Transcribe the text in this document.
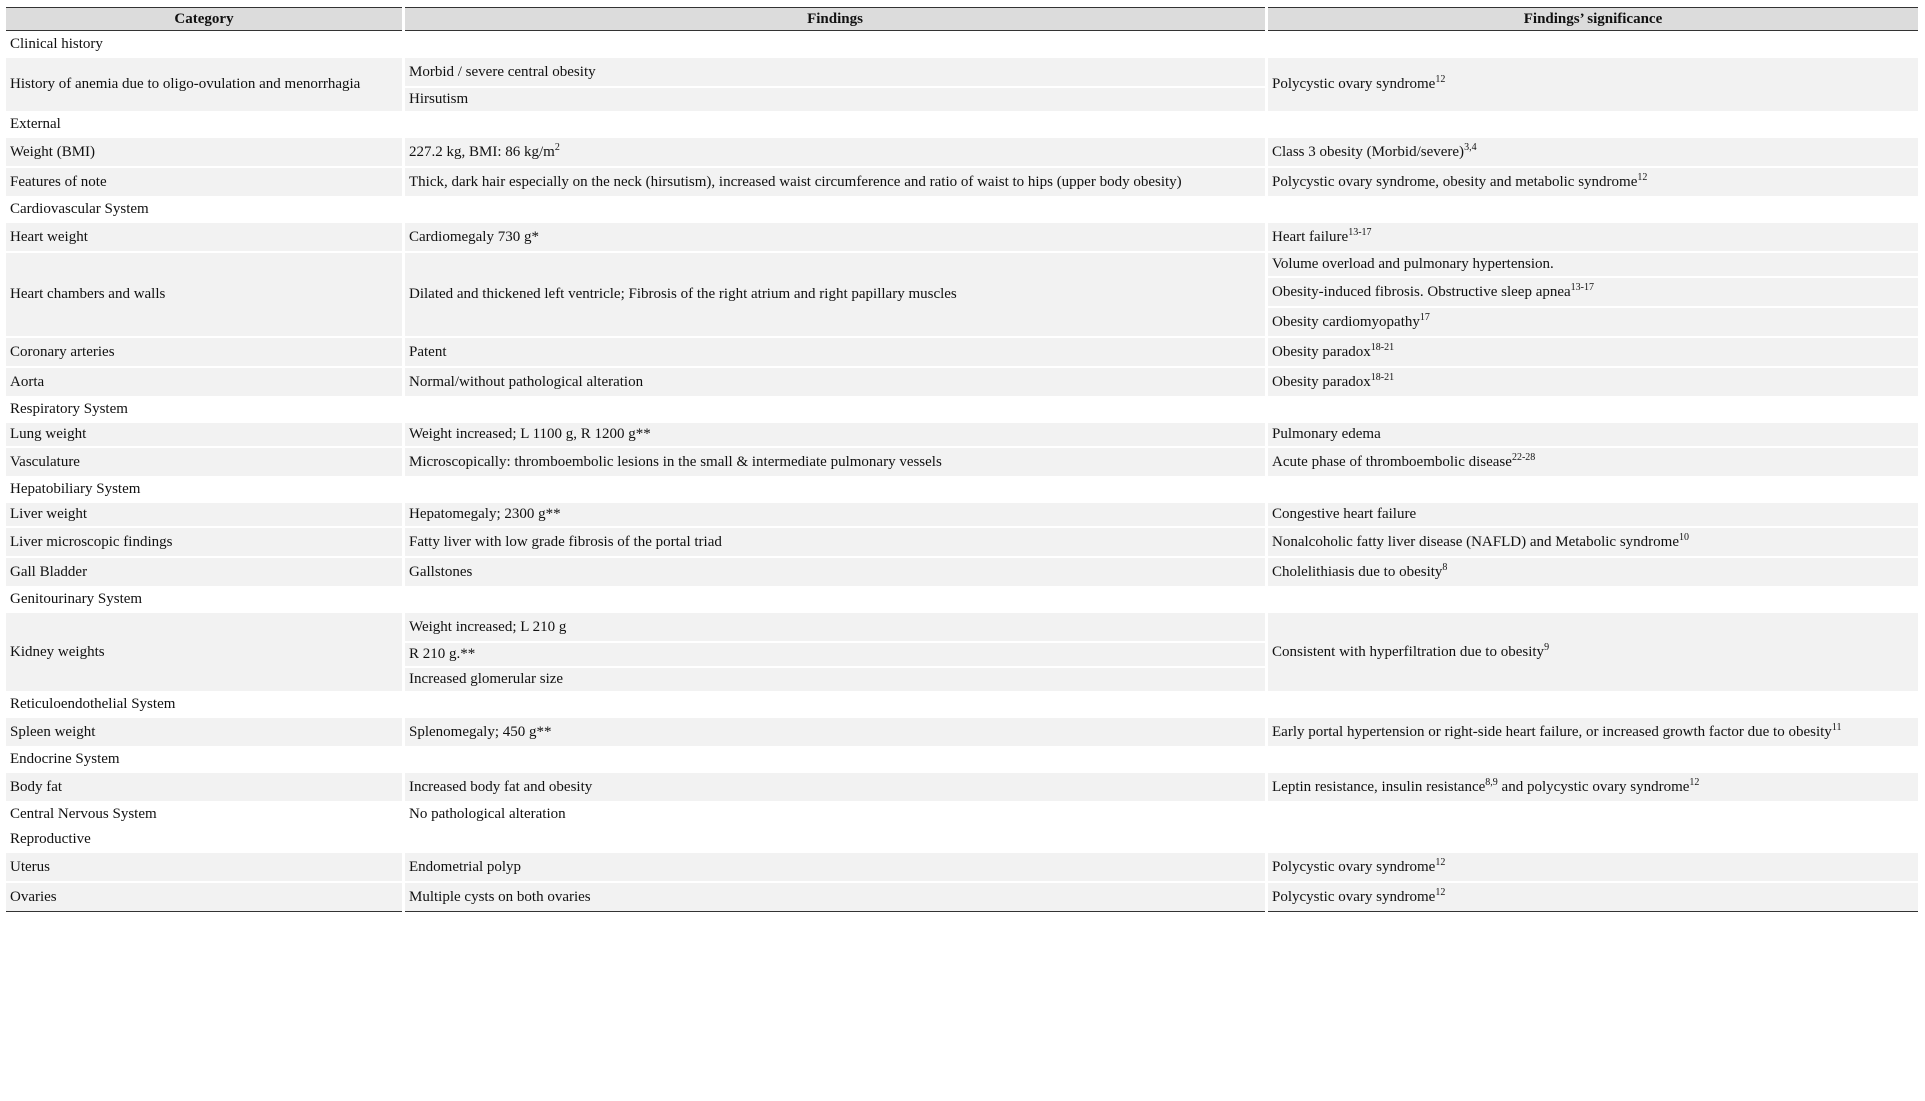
Category	Findings	Findings’ significance
Clinical history		
History of anemia due to oligo-ovulation and menorrhagia	Morbid / severe central obesity	Polycystic ovary syndrome$^{12}$
	Hirsutism	
External		
Weight (BMI)	227.2 kg, BMI: 86 $kg/m^2$	Class 3 obesity (Morbid/severe)$^{3,4}$
Features of note	Thick, dark hair especially on the neck (hirsutism), increased waist circumference and ratio of waist to hips (upper body obesity)	Polycystic ovary syndrome, obesity and metabolic syndrome$^{12}$
Cardiovascular System		
Heart weight	Cardiomegaly 730 g*	Heart failure$^{13-17}$
Heart chambers and walls	Dilated and thickened left ventricle; Fibrosis of the right atrium and right papillary muscles	Volume overload and pulmonary hypertension.
		Obesity-induced fibrosis. Obstructive sleep apnea$^{13-17}$
		Obesity cardiomyopathy$^{17}$
Coronary arteries	Patent	Obesity paradox$^{18-21}$
Aorta	Normal/without pathological alteration	Obesity paradox$^{18-21}$
Respiratory System		
Lung weight	Weight increased; L 1100 g, R 1200 g**	Pulmonary edema
Vasculature	Microscopically: thromboembolic lesions in the small & intermediate pulmonary vessels	Acute phase of thromboembolic disease$^{22-28}$
Hepatobiliary System		
Liver weight	Hepatomegaly; 2300 g**	Congestive heart failure
Liver microscopic findings	Fatty liver with low grade fibrosis of the portal triad	Nonalcoholic fatty liver disease (NAFLD) and Metabolic syndrome$^{10}$
Gall Bladder	Gallstones	Cholelithiasis due to obesity$^8$
Genitourinary System		
Kidney weights	Weight increased; L 210 g	Consistent with hyperfiltration due to obesity$^9$
	R 210 g.**	
	Increased glomerular size	
Reticuloendothelial System		
Spleen weight	Splenomegaly; 450 g**	Early portal hypertension or right-side heart failure, or increased growth factor due to obesity$^{11}$
Endocrine System		
Body fat	Increased body fat and obesity	Leptin resistance, insulin resistance$^{8,9}$ and polycystic ovary syndrome$^{12}$
Central Nervous System	No pathological alteration	
Reproductive		
Uterus	Endometrial polyp	Polycystic ovary syndrome$^{12}$
Ovaries	Multiple cysts on both ovaries	Polycystic ovary syndrome$^{12}$
